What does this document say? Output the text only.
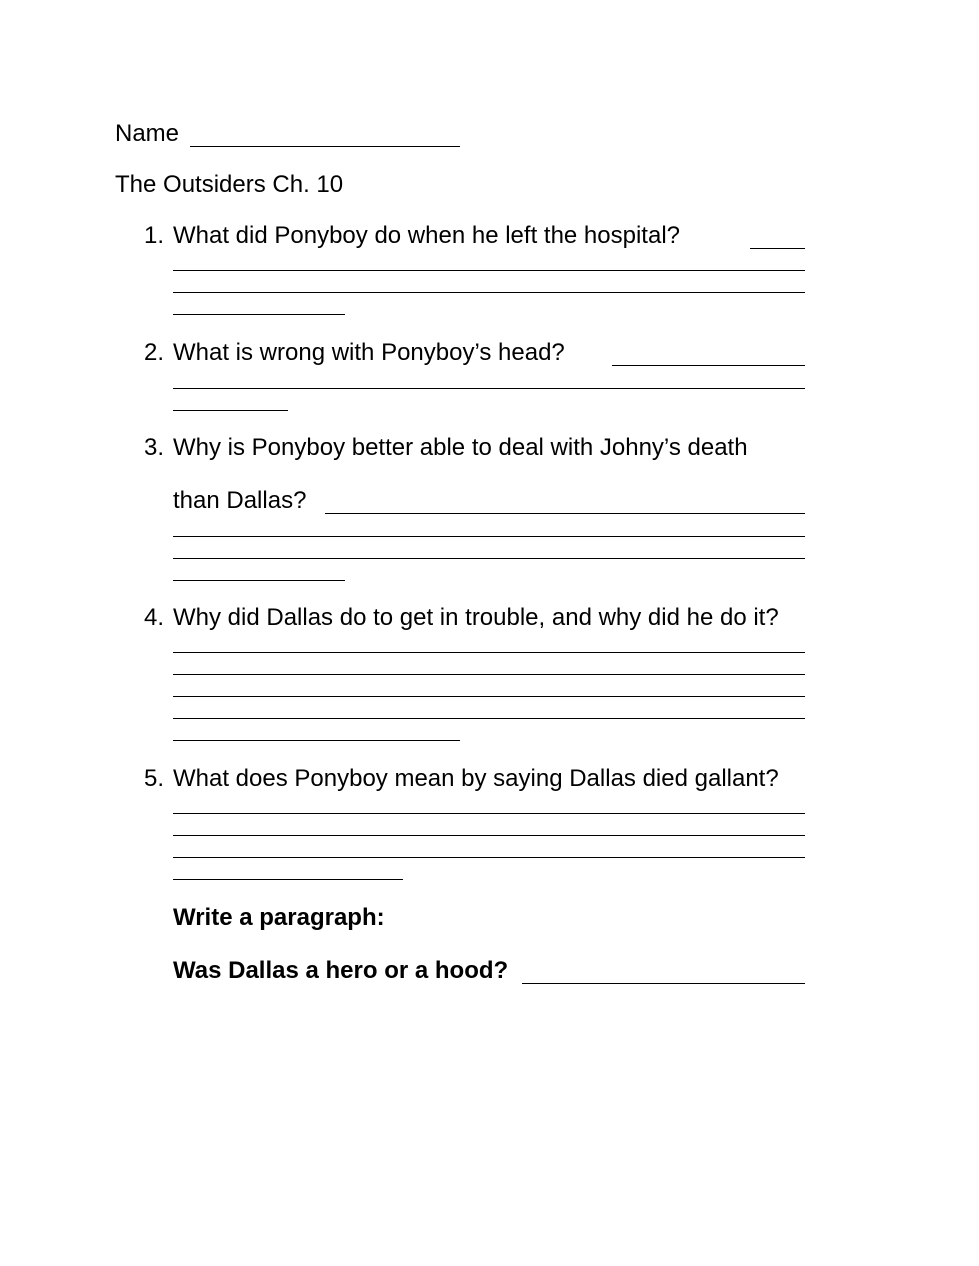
Name
The Outsiders Ch. 10
1. What did Ponyboy do when he left the hospital?
2. What is wrong with Ponyboy’s head?
3. Why is Ponyboy better able to deal with Johny’s death
than Dallas?
4. Why did Dallas do to get in trouble, and why did he do it?
5. What does Ponyboy mean by saying Dallas died gallant?
Write a paragraph:
Was Dallas a hero or a hood?
